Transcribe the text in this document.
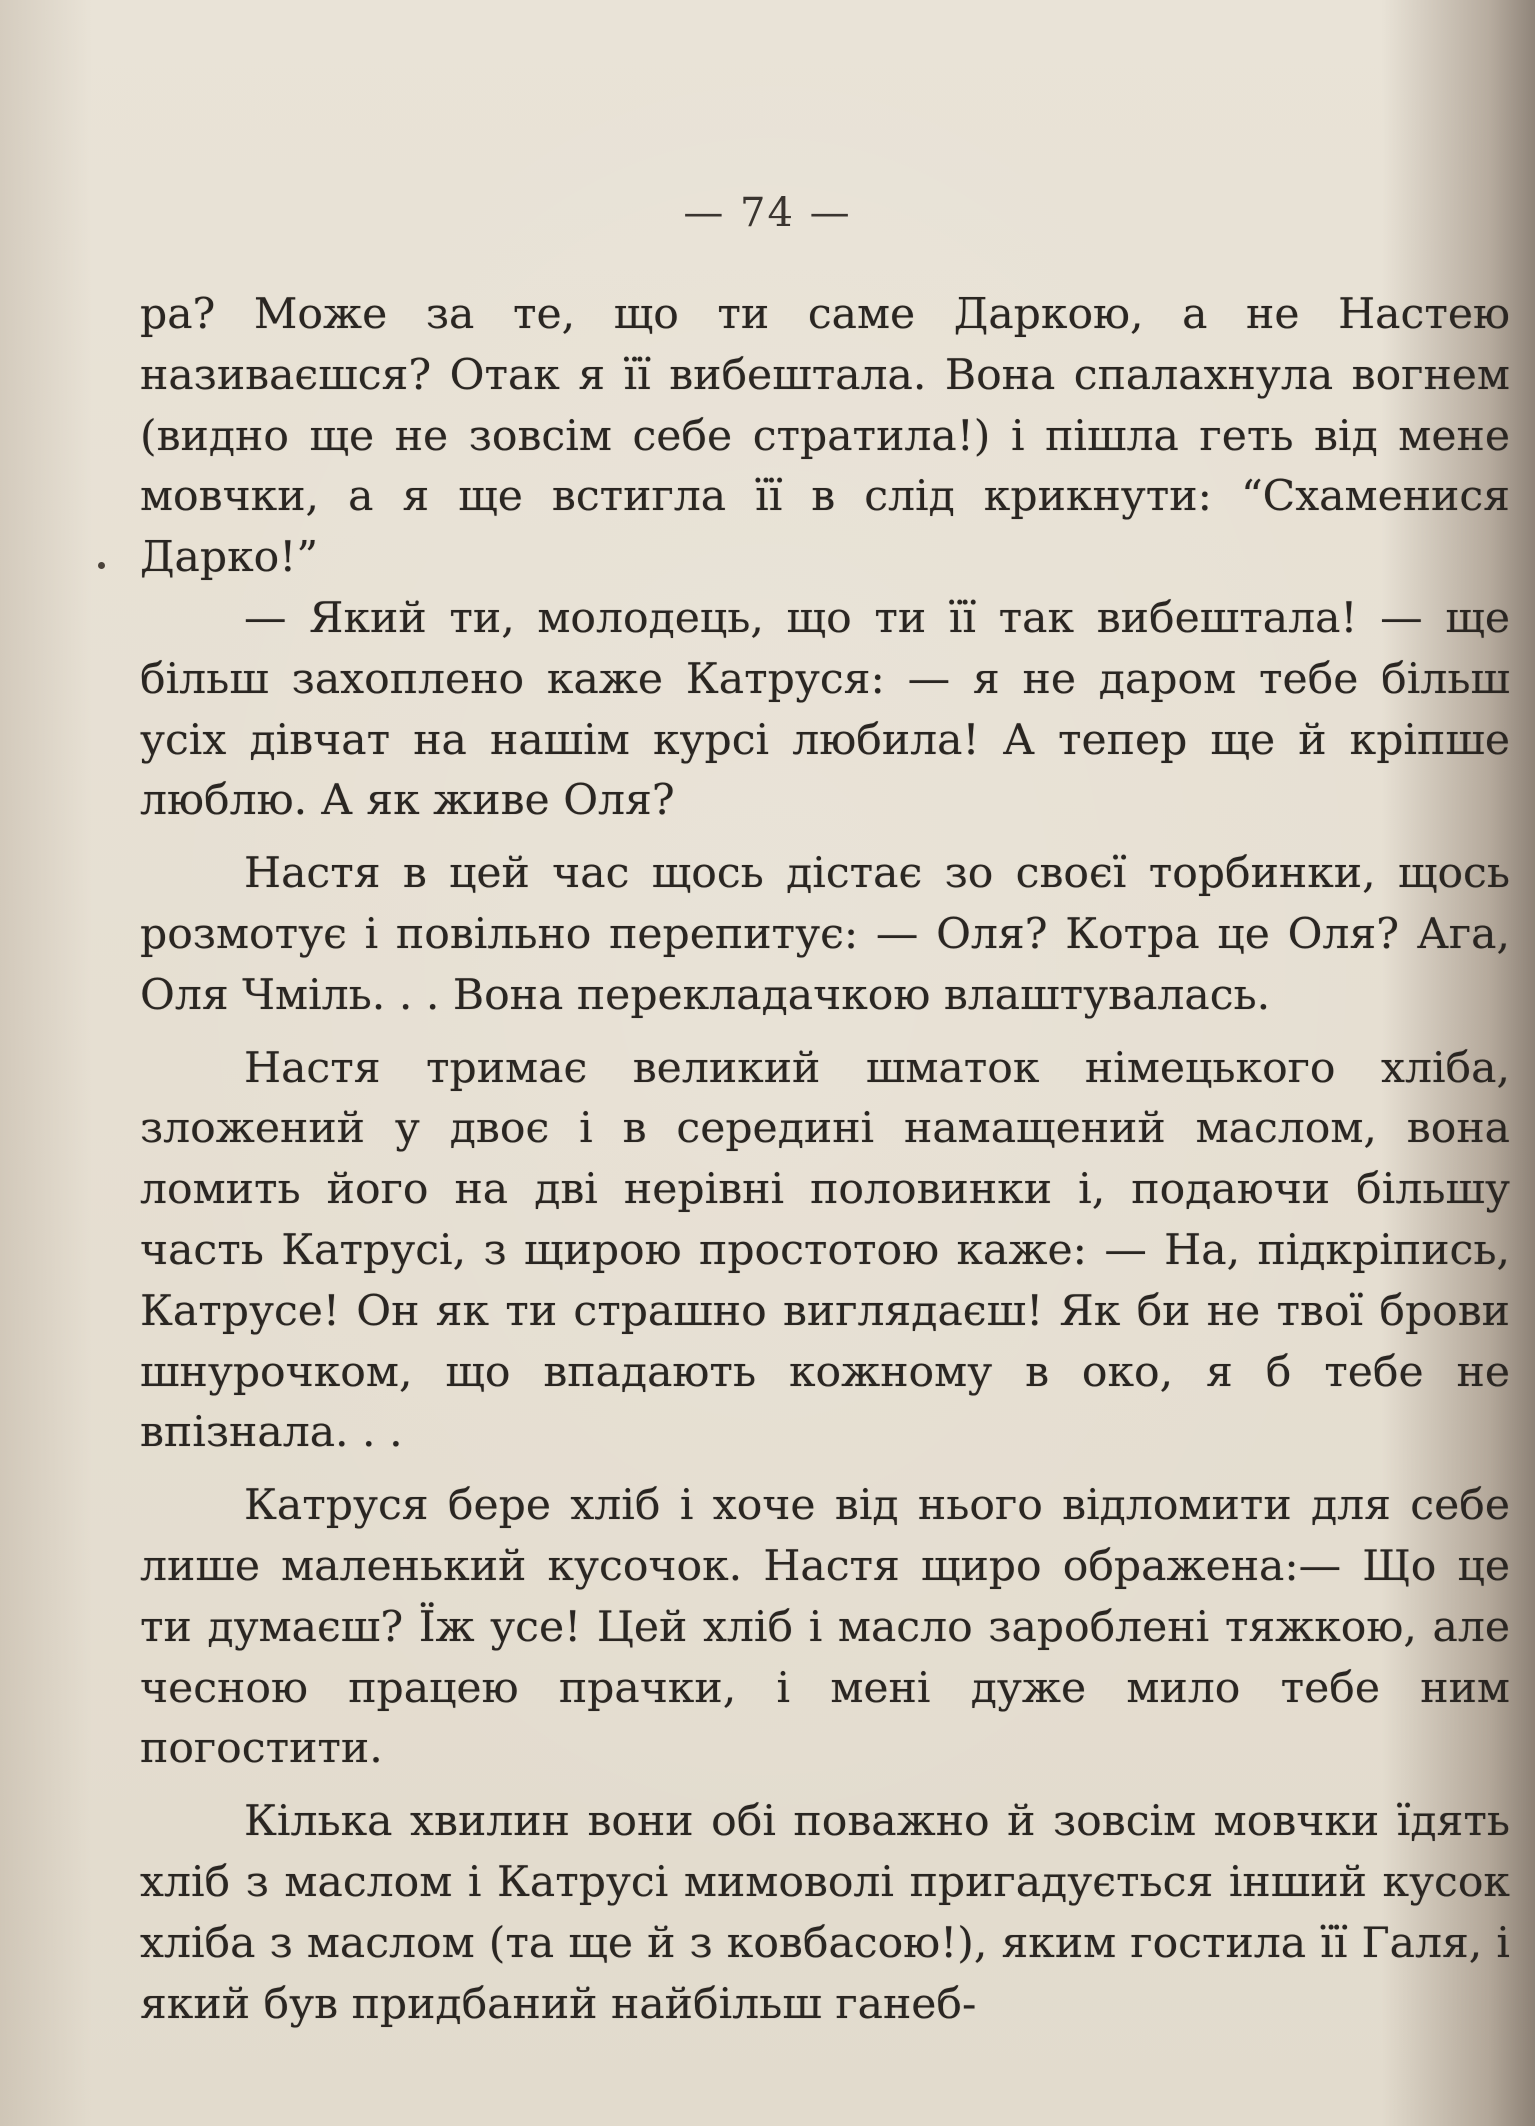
— 74 —

ра? Може за те, що ти саме Даркою, а не Настею називаєшся? Отак я її вибештала. Вона спалахнула вогнем (видно ще не зовсім себе стратила!) і пішла геть від мене мовчки, а я ще встигла її в слід крикнути: “Схаменися Дарко!”

— Який ти, молодець, що ти її так вибештала! — ще більш захоплено каже Катруся: — я не даром тебе більш усіх дівчат на нашім курсі любила! А тепер ще й кріпше люблю. А як живе Оля?

Настя в цей час щось дістає зо своєї торбинки, щось розмотує і повільно перепитує: — Оля? Котра це Оля? Ага, Оля Чміль. . . Вона перекладачкою влаштувалась.

Настя тримає великий шматок німецького хліба, зложений у двоє і в середині намащений маслом, вона ломить його на дві нерівні половинки і, подаючи більшу часть Катрусі, з щирою простотою каже: — На, підкріпись, Катрусе! Он як ти страшно виглядаєш! Як би не твої брови шнурочком, що впадають кожному в око, я б тебе не впізнала. . .

Катруся бере хліб і хоче від нього відломити для себе лише маленький кусочок. Настя щиро ображена:— Що це ти думаєш? Їж усе! Цей хліб і масло зароблені тяжкою, але чесною працею прачки, і мені дуже мило тебе ним погостити.

Кілька хвилин вони обі поважно й зовсім мовчки їдять хліб з маслом і Катрусі мимоволі пригадується інший кусок хліба з маслом (та ще й з ковбасою!), яким гостила її Галя, і який був придбаний найбільш ганеб-
